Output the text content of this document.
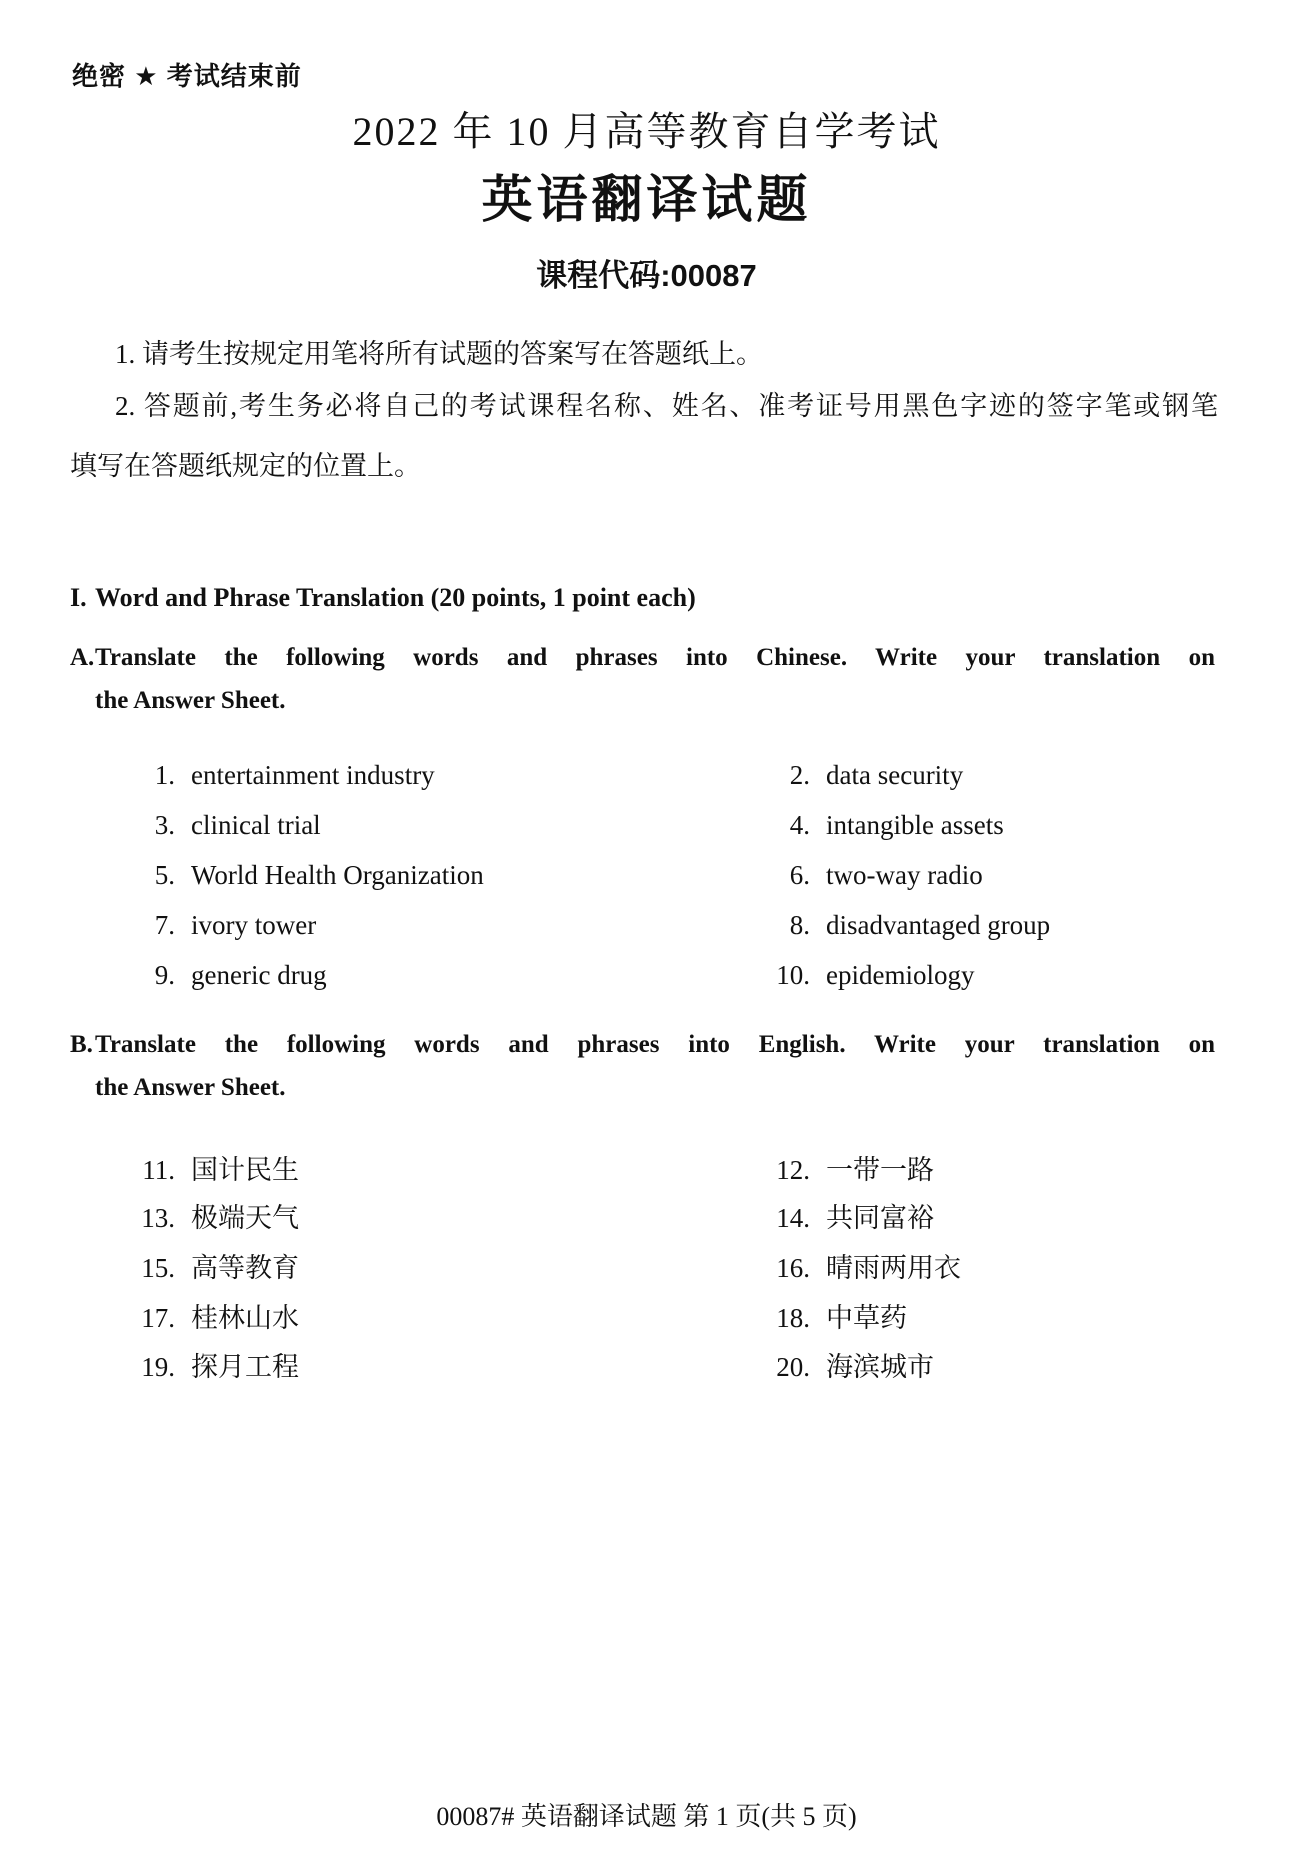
绝密 ★ 考试结束前
2022 年 10 月高等教育自学考试
英语翻译试题
课程代码:00087
1. 请考生按规定用笔将所有试题的答案写在答题纸上。
2. 答题前,考生务必将自己的考试课程名称、姓名、准考证号用黑色字迹的签字笔或钢笔
填写在答题纸规定的位置上。
I. Word and Phrase Translation (20 points, 1 point each)
A. Translate the following words and phrases into Chinese. Write your translation on
the Answer Sheet.
1. entertainment industry	2. data security
3. clinical trial	4. intangible assets
5. World Health Organization	6. two-way radio
7. ivory tower	8. disadvantaged group
9. generic drug	10. epidemiology
B. Translate the following words and phrases into English. Write your translation on
the Answer Sheet.
11. 国计民生	12. 一带一路
13. 极端天气	14. 共同富裕
15. 高等教育	16. 晴雨两用衣
17. 桂林山水	18. 中草药
19. 探月工程	20. 海滨城市
00087# 英语翻译试题 第 1 页(共 5 页)
